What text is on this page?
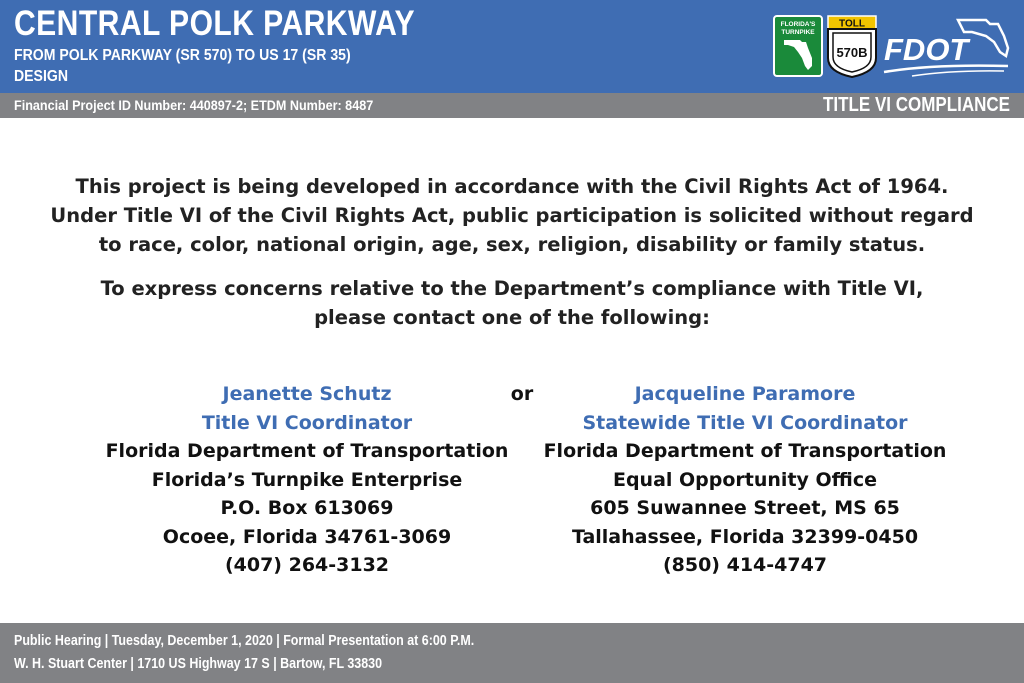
CENTRAL POLK PARKWAY
FROM POLK PARKWAY (SR 570) TO US 17 (SR 35)
DESIGN
FLORIDA'S
TURNPIKE
TOLL
570B FDOT
Financial Project ID Number: 440897-2; ETDM Number: 8487	TITLE VI COMPLIANCE

This project is being developed in accordance with the Civil Rights Act of 1964.

Under Title VI of the Civil Rights Act, public participation is solicited without regard

to race, color, national origin, age, sex, religion, disability or family status.

To express concerns relative to the Department’s compliance with Title VI,

please contact one of the following:

Jeanette Schutz
Title VI Coordinator
Florida Department of Transportation
Florida’s Turnpike Enterprise
P.O. Box 613069
Ocoee, Florida 34761-3069
(407) 264-3132
or	Jacqueline Paramore
Statewide Title VI Coordinator
Florida Department of Transportation
Equal Opportunity Office
605 Suwannee Street, MS 65
Tallahassee, Florida 32399-0450
(850) 414-4747
Public Hearing | Tuesday, December 1, 2020 | Formal Presentation at 6:00 P.M.
W. H. Stuart Center | 1710 US Highway 17 S | Bartow, FL 33830
